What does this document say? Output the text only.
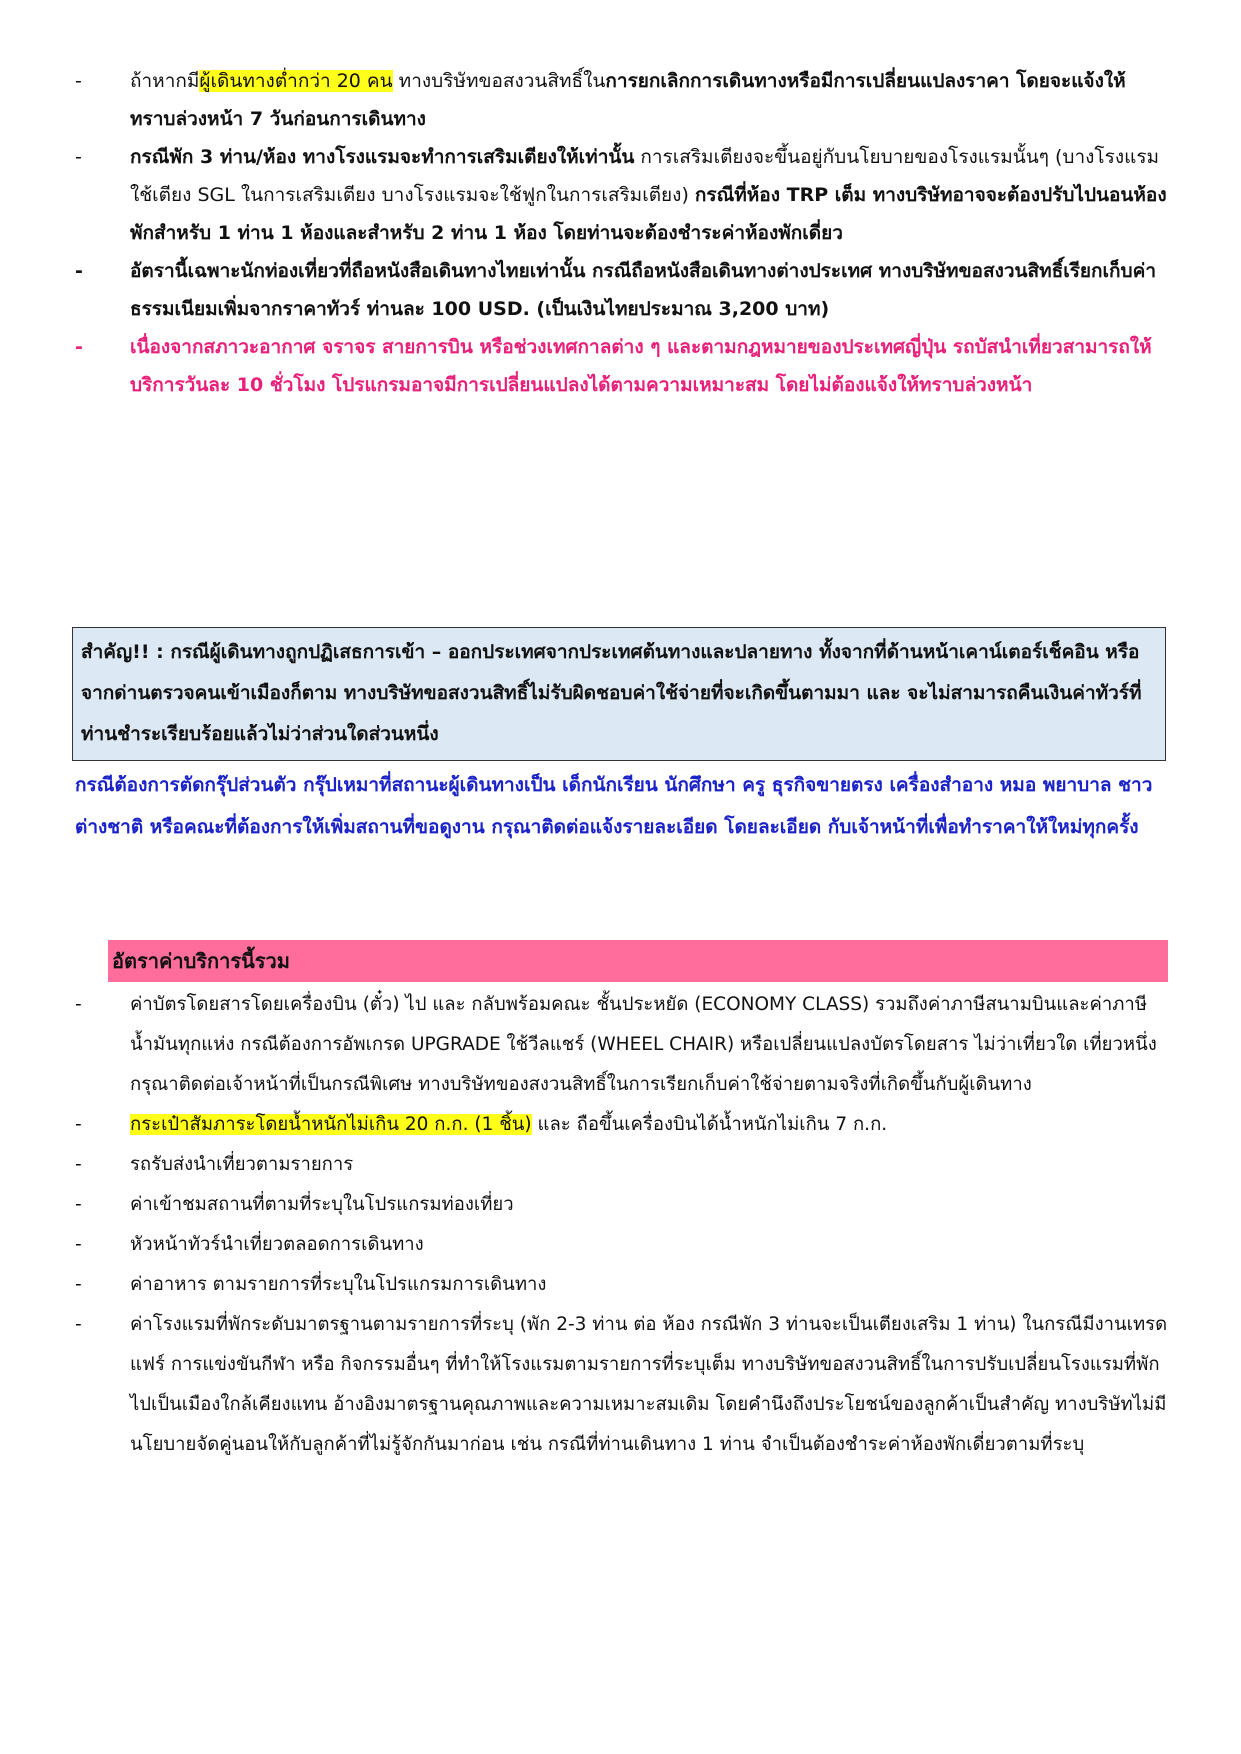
-	ถ้าหากมีผู้เดินทางต่ำกว่า 20 คน ทางบริษัทขอสงวนสิทธิ์ในการยกเลิกการเดินทางหรือมีการเปลี่ยนแปลงราคา โดยจะแจ้งให้ทราบล่วงหน้า 7 วันก่อนการเดินทาง
-	กรณีพัก 3 ท่าน/ห้อง ทางโรงแรมจะทำการเสริมเตียงให้เท่านั้น การเสริมเตียงจะขึ้นอยู่กับนโยบายของโรงแรมนั้นๆ (บางโรงแรมใช้เตียง SGL ในการเสริมเตียง บางโรงแรมจะใช้ฟูกในการเสริมเตียง) กรณีที่ห้อง TRP เต็ม ทางบริษัทอาจจะต้องปรับไปนอนห้องพักสำหรับ 1 ท่าน 1 ห้องและสำหรับ 2 ท่าน 1 ห้อง โดยท่านจะต้องชำระค่าห้องพักเดี่ยว
-	อัตรานี้เฉพาะนักท่องเที่ยวที่ถือหนังสือเดินทางไทยเท่านั้น กรณีถือหนังสือเดินทางต่างประเทศ ทางบริษัทขอสงวนสิทธิ์เรียกเก็บค่าธรรมเนียมเพิ่มจากราคาทัวร์ ท่านละ 100 USD. (เป็นเงินไทยประมาณ 3,200 บาท)
-	เนื่องจากสภาวะอากาศ จราจร สายการบิน หรือช่วงเทศกาลต่าง ๆ และตามกฎหมายของประเทศญี่ปุ่น รถบัสนำเที่ยวสามารถให้บริการวันละ 10 ชั่วโมง โปรแกรมอาจมีการเปลี่ยนแปลงได้ตามความเหมาะสม โดยไม่ต้องแจ้งให้ทราบล่วงหน้า
สำคัญ!! : กรณีผู้เดินทางถูกปฏิเสธการเข้า – ออกประเทศจากประเทศต้นทางและปลายทาง ทั้งจากที่ด้านหน้าเคาน์เตอร์เช็คอิน หรือจากด่านตรวจคนเข้าเมืองก็ตาม ทางบริษัทขอสงวนสิทธิ์ไม่รับผิดชอบค่าใช้จ่ายที่จะเกิดขึ้นตามมา และ จะไม่สามารถคืนเงินค่าทัวร์ที่ท่านชำระเรียบร้อยแล้วไม่ว่าส่วนใดส่วนหนึ่ง
กรณีต้องการตัดกรุ๊ปส่วนตัว กรุ๊ปเหมาที่สถานะผู้เดินทางเป็น เด็กนักเรียน นักศึกษา ครู ธุรกิจขายตรง เครื่องสำอาง หมอ พยาบาล ชาวต่างชาติ หรือคณะที่ต้องการให้เพิ่มสถานที่ขอดูงาน กรุณาติดต่อแจ้งรายละเอียด โดยละเอียด กับเจ้าหน้าที่เพื่อทำราคาให้ใหม่ทุกครั้ง
อัตราค่าบริการนี้รวม
-	ค่าบัตรโดยสารโดยเครื่องบิน (ตั๋ว) ไป และ กลับพร้อมคณะ ชั้นประหยัด (ECONOMY CLASS) รวมถึงค่าภาษีสนามบินและค่าภาษีน้ำมันทุกแห่ง กรณีต้องการอัพเกรด UPGRADE ใช้วีลแชร์ (WHEEL CHAIR) หรือเปลี่ยนแปลงบัตรโดยสาร ไม่ว่าเที่ยวใด เที่ยวหนึ่ง กรุณาติดต่อเจ้าหน้าที่เป็นกรณีพิเศษ ทางบริษัทของสงวนสิทธิ์ในการเรียกเก็บค่าใช้จ่ายตามจริงที่เกิดขึ้นกับผู้เดินทาง
-	กระเป๋าสัมภาระโดยน้ำหนักไม่เกิน 20 ก.ก. (1 ชิ้น) และ ถือขึ้นเครื่องบินได้น้ำหนักไม่เกิน 7 ก.ก.
-	รถรับส่งนำเที่ยวตามรายการ
-	ค่าเข้าชมสถานที่ตามที่ระบุในโปรแกรมท่องเที่ยว
-	หัวหน้าทัวร์นำเที่ยวตลอดการเดินทาง
-	ค่าอาหาร ตามรายการที่ระบุในโปรแกรมการเดินทาง
-	ค่าโรงแรมที่พักระดับมาตรฐานตามรายการที่ระบุ (พัก 2-3 ท่าน ต่อ ห้อง กรณีพัก 3 ท่านจะเป็นเตียงเสริม 1 ท่าน) ในกรณีมีงานเทรดแฟร์ การแข่งขันกีฬา หรือ กิจกรรมอื่นๆ ที่ทำให้โรงแรมตามรายการที่ระบุเต็ม ทางบริษัทขอสงวนสิทธิ์ในการปรับเปลี่ยนโรงแรมที่พัก ไปเป็นเมืองใกล้เคียงแทน อ้างอิงมาตรฐานคุณภาพและความเหมาะสมเดิม โดยคำนึงถึงประโยชน์ของลูกค้าเป็นสำคัญ ทางบริษัทไม่มีนโยบายจัดคู่นอนให้กับลูกค้าที่ไม่รู้จักกันมาก่อน เช่น กรณีที่ท่านเดินทาง 1 ท่าน จำเป็นต้องชำระค่าห้องพักเดี่ยวตามที่ระบุ
